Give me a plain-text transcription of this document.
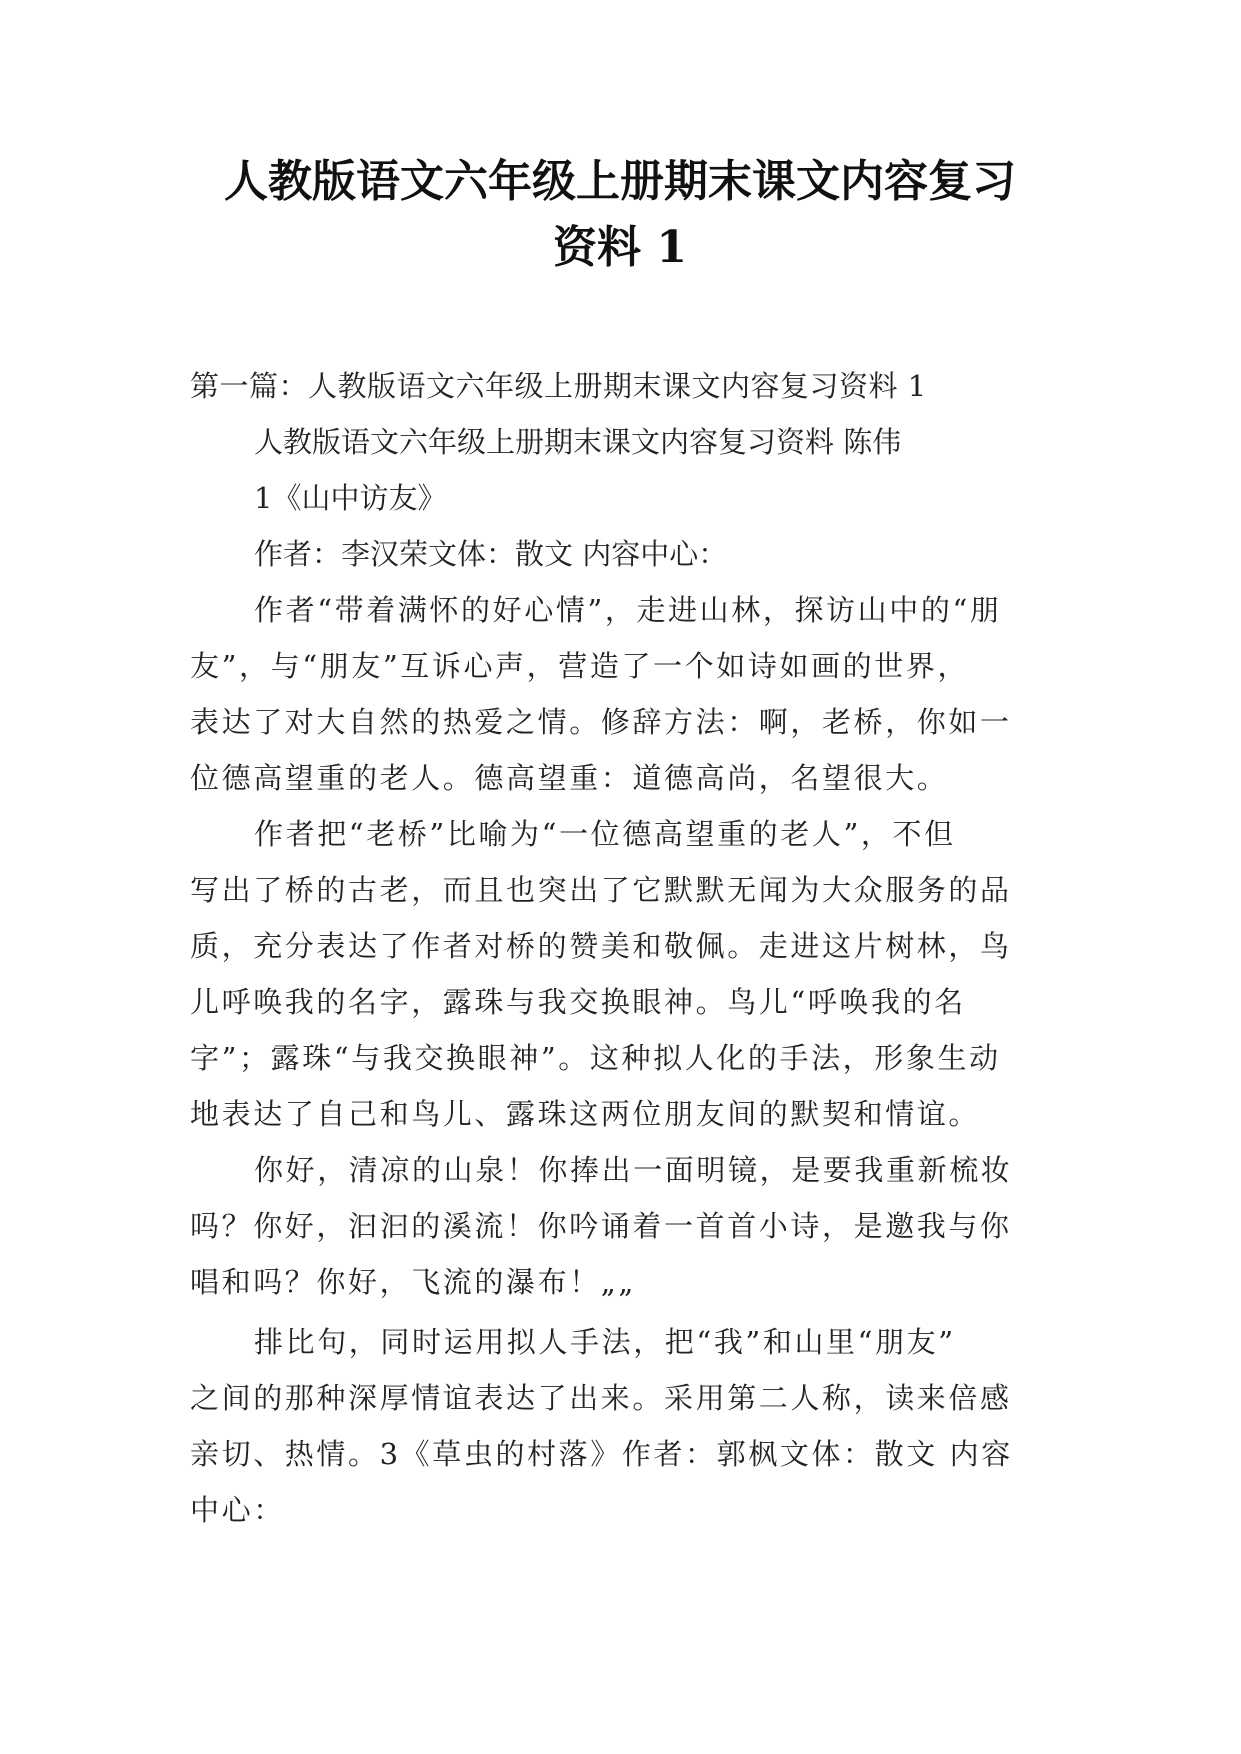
人教版语文六年级上册期末课文内容复习
资料 1
第一篇：人教版语文六年级上册期末课文内容复习资料 1
人教版语文六年级上册期末课文内容复习资料 陈伟
1《山中访友》
作者：李汉荣文体：散文 内容中心：
作者“带着满怀的好心情”，走进山林，探访山中的“朋
友”，与“朋友”互诉心声，营造了一个如诗如画的世界，
表达了对大自然的热爱之情。修辞方法：啊，老桥，你如一
位德高望重的老人。德高望重：道德高尚，名望很大。
作者把“老桥”比喻为“一位德高望重的老人”，不但
写出了桥的古老，而且也突出了它默默无闻为大众服务的品
质，充分表达了作者对桥的赞美和敬佩。走进这片树林，鸟
儿呼唤我的名字，露珠与我交换眼神。鸟儿“呼唤我的名
字”；露珠“与我交换眼神”。这种拟人化的手法，形象生动
地表达了自己和鸟儿、露珠这两位朋友间的默契和情谊。
你好，清凉的山泉！你捧出一面明镜，是要我重新梳妆
吗？你好，汩汩的溪流！你吟诵着一首首小诗，是邀我与你
唱和吗？你好，飞流的瀑布！„„
排比句，同时运用拟人手法，把“我”和山里“朋友”
之间的那种深厚情谊表达了出来。采用第二人称，读来倍感
亲切、热情。3《草虫的村落》作者：郭枫文体：散文 内容
中心：
